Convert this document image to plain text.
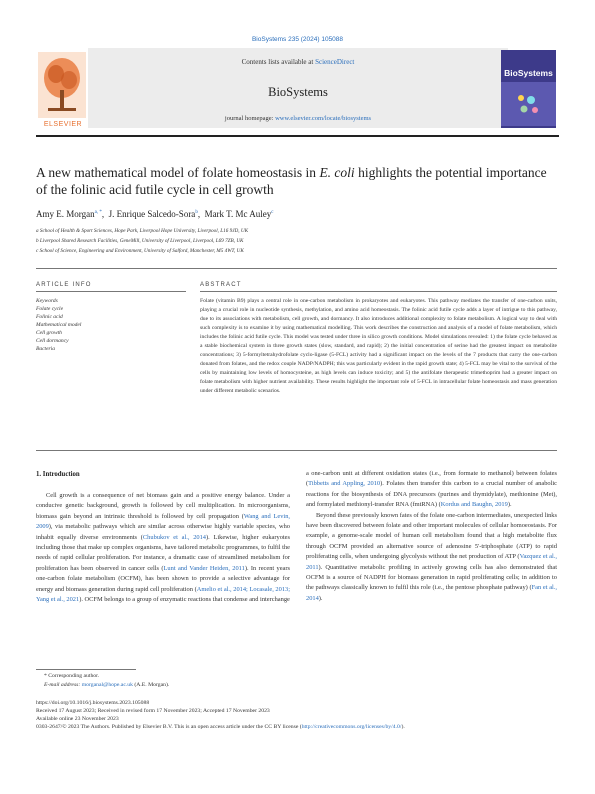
BioSystems 235 (2024) 105088
ELSEVIER
Contents lists available at ScienceDirect
BioSystems
journal homepage: www.elsevier.com/locate/biosystems
BioSystems
A new mathematical model of folate homeostasis in E. coli highlights the potential importance of the folinic acid futile cycle in cell growth
Amy E. Morgan$^{a, *}$,  J. Enrique Salcedo-Sora$^b$,  Mark T. Mc Auley$^c$
a School of Health & Sport Sciences, Hope Park, Liverpool Hope University, Liverpool, L16 9JD, UK
b Liverpool Shared Research Facilities, GeneMill, University of Liverpool, Liverpool, L69 7ZB, UK
c School of Science, Engineering and Environment, University of Salford, Manchester, M5 4WT, UK
ARTICLE INFO	ABSTRACT
Keywords
Folate cycle
Folinic acid
Mathematical model
Cell growth
Cell dormancy
Bacteria
Folate (vitamin B9) plays a central role in one-carbon metabolism in prokaryotes and eukaryotes. This pathway mediates the transfer of one-carbon units, playing a crucial role in nucleotide synthesis, methylation, and amino acid homeostasis. The folinic acid futile cycle adds a layer of intrigue to this pathway, due to its associations with metabolism, cell growth, and dormancy. It also introduces additional complexity to folate metabolism. A logical way to deal with such complexity is to examine it by using mathematical modelling. This work describes the construction and analysis of a model of folate metabolism, which includes the folinic acid futile cycle. This model was tested under three in silico growth conditions. Model simulations revealed: 1) the folate cycle behaved as a stable biochemical system in three growth states (slow, standard, and rapid); 2) the initial concentration of serine had the greatest impact on metabolite concentrations; 3) 5-formyltetrahydrofolate cyclo-ligase (5-FCL) activity had a significant impact on the levels of the 7 products that carry the one-carbon donated from folates, and the redox couple NADP/NADPH; this was particularly evident in the rapid growth state; 4) 5-FCL may be vital to the survival of the cells by maintaining low levels of homocysteine, as high levels can induce toxicity; and 5) the antifolate therapeutic trimethoprim had a greater impact on folate metabolism with higher nutrient availability. These results highlight the important role of 5-FCL in intracellular folate homeostasis and mass generation under different metabolic scenarios.
1. Introduction

Cell growth is a consequence of net biomass gain and a positive energy balance. Under a conducive genetic background, growth is followed by cell multiplication. In microorganisms, biomass gain beyond an intrinsic threshold is followed by cell propagation (Wang and Levin, 2009), via metabolic pathways which are similar across otherwise highly variable species, who inhabit equally diverse environments (Chubukov et al., 2014). Likewise, higher eukaryotes including those that make up complex organisms, have tailored metabolic programmes, to fulfil the needs of rapid cellular proliferation. For instance, a dramatic case of streamlined metabolism for proliferation has been observed in cancer cells (Lunt and Vander Heiden, 2011). In recent years one-carbon folate metabolism (OCFM), has been shown to provide a selective advantage for energy and biomass generation during rapid cell proliferation (Amelio et al., 2014; Locasale, 2013; Yang et al., 2021). OCFM belongs to a group of enzymatic reactions that condense and interchange

a one-carbon unit at different oxidation states (i.e., from formate to methanol) between folates (Tibbetts and Appling, 2010). Folates then transfer this carbon to a crucial number of anabolic reactions for the biosynthesis of DNA precursors (purines and thymidylate), methionine (Met), and formylated methionyl-transfer RNA (fmtRNA) (Kordus and Baughn, 2019).

Beyond these previously known fates of the folate one-carbon intermediates, unexpected links have been discovered between folate and other important molecules of cellular homoeostasis. For example, a genome-scale model of human cell metabolism found that a high metabolite flux through OCFM provided an alternative source of adenosine 5'-triphosphate (ATP) to rapid proliferating cells, when undergoing glycolysis without the net production of ATP (Vazquez et al., 2011). Quantitative metabolic profiling in actively growing cells has also demonstrated that OCFM is a source of NADPH for biomass generation in rapid proliferating cells; in addition to the pathways classically known to fulfil this role (i.e., the pentose phosphate pathway) (Fan et al., 2014).

* Corresponding author.
E-mail address: morganal@hope.ac.uk (A.E. Morgan).
https://doi.org/10.1016/j.biosystems.2023.105088
Received 17 August 2023; Received in revised form 17 November 2023; Accepted 17 November 2023
Available online 23 November 2023
0303-2647/© 2023 The Authors. Published by Elsevier B.V. This is an open access article under the CC BY license (http://creativecommons.org/licenses/by/4.0/).
